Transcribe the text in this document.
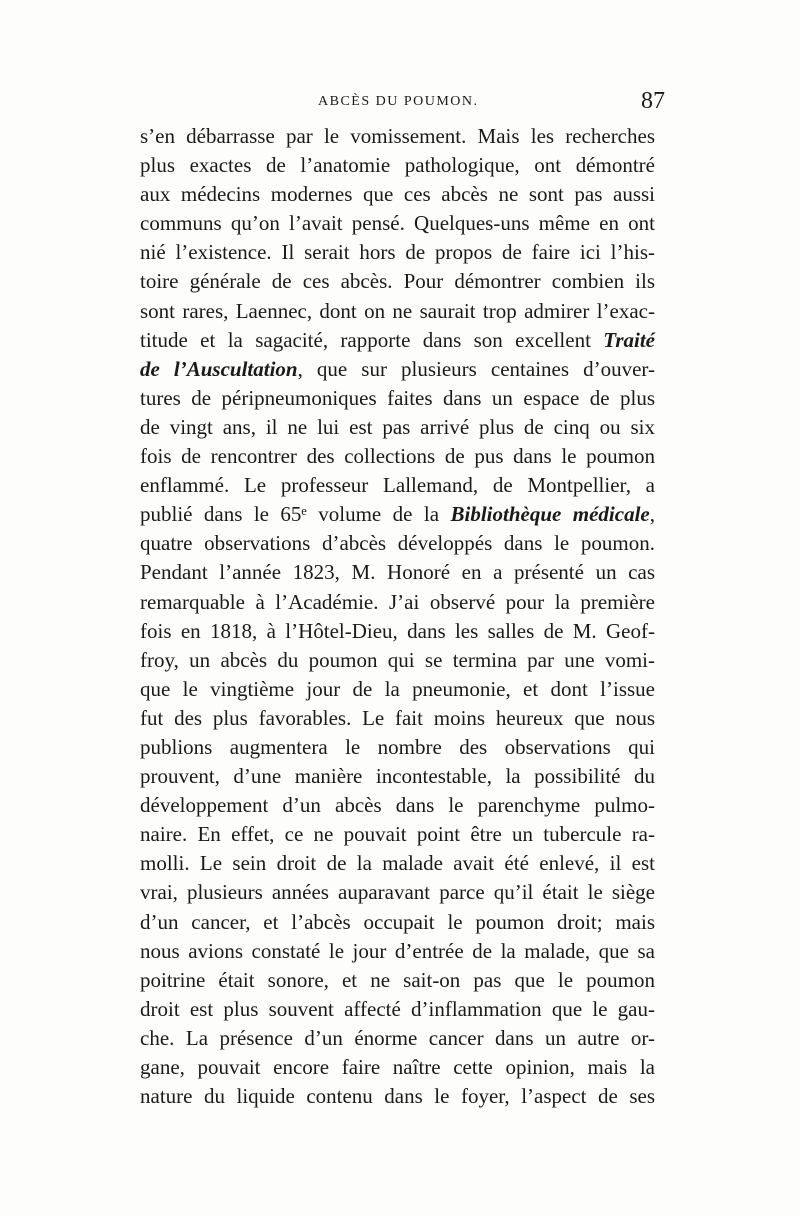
ABCÈS DU POUMON.	87
s’en débarrasse par le vomissement. Mais les recherches
plus exactes de l’anatomie pathologique, ont démontré
aux médecins modernes que ces abcès ne sont pas aussi
communs qu’on l’avait pensé. Quelques-uns même en ont
nié l’existence. Il serait hors de propos de faire ici l’his-
toire générale de ces abcès. Pour démontrer combien ils
sont rares, Laennec, dont on ne saurait trop admirer l’exac-
titude et la sagacité, rapporte dans son excellent Traité
de l’Auscultation, que sur plusieurs centaines d’ouver-
tures de péripneumoniques faites dans un espace de plus
de vingt ans, il ne lui est pas arrivé plus de cinq ou six
fois de rencontrer des collections de pus dans le poumon
enflammé. Le professeur Lallemand, de Montpellier, a
publié dans le 65ᵉ volume de la Bibliothèque médicale,
quatre observations d’abcès développés dans le poumon.
Pendant l’année 1823, M. Honoré en a présenté un cas
remarquable à l’Académie. J’ai observé pour la première
fois en 1818, à l’Hôtel-Dieu, dans les salles de M. Geof-
froy, un abcès du poumon qui se termina par une vomi-
que le vingtième jour de la pneumonie, et dont l’issue
fut des plus favorables. Le fait moins heureux que nous
publions augmentera le nombre des observations qui
prouvent, d’une manière incontestable, la possibilité du
développement d’un abcès dans le parenchyme pulmo-
naire. En effet, ce ne pouvait point être un tubercule ra-
molli. Le sein droit de la malade avait été enlevé, il est
vrai, plusieurs années auparavant parce qu’il était le siège
d’un cancer, et l’abcès occupait le poumon droit; mais
nous avions constaté le jour d’entrée de la malade, que sa
poitrine était sonore, et ne sait-on pas que le poumon
droit est plus souvent affecté d’inflammation que le gau-
che. La présence d’un énorme cancer dans un autre or-
gane, pouvait encore faire naître cette opinion, mais la
nature du liquide contenu dans le foyer, l’aspect de ses
